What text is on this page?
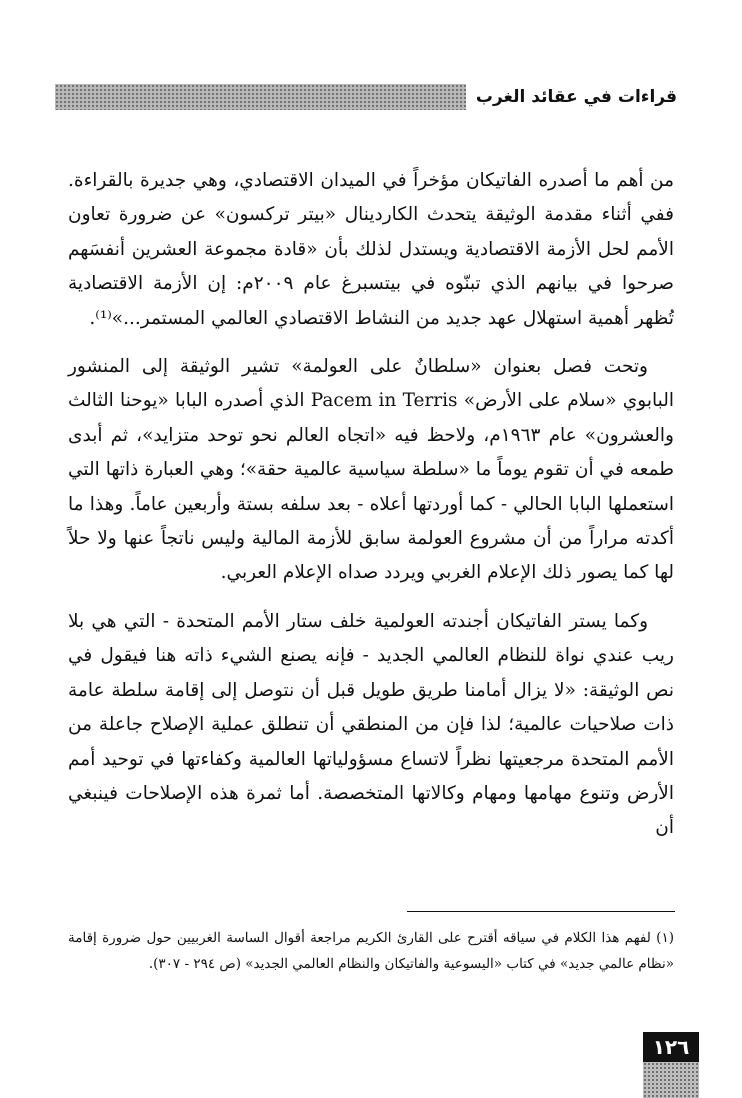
قراءات في عقائد الغرب

من أهم ما أصدره الفاتيكان مؤخراً في الميدان الاقتصادي، وهي جديرة بالقراءة. ففي أثناء مقدمة الوثيقة يتحدث الكاردينال «بيتر تركسون» عن ضرورة تعاون الأمم لحل الأزمة الاقتصادية ويستدل لذلك بأن «قادة مجموعة العشرين أنفسَهم صرحوا في بيانهم الذي تبنّوه في بيتسبرغ عام ٢٠٠٩م: إن الأزمة الاقتصادية تُظهر أهمية استهلال عهد جديد من النشاط الاقتصادي العالمي المستمر...»⁽¹⁾.

وتحت فصل بعنوان «سلطانٌ على العولمة» تشير الوثيقة إلى المنشور البابوي «سلام على الأرض» Pacem in Terris الذي أصدره البابا «يوحنا الثالث والعشرون» عام ١٩٦٣م، ولاحظ فيه «اتجاه العالم نحو توحد متزايد»، ثم أبدى طمعه في أن تقوم يوماً ما «سلطة سياسية عالمية حقة»؛ وهي العبارة ذاتها التي استعملها البابا الحالي - كما أوردتها أعلاه - بعد سلفه بستة وأربعين عاماً. وهذا ما أكدته مراراً من أن مشروع العولمة سابق للأزمة المالية وليس ناتجاً عنها ولا حلاً لها كما يصور ذلك الإعلام الغربي ويردد صداه الإعلام العربي.

وكما يستر الفاتيكان أجندته العولمية خلف ستار الأمم المتحدة - التي هي بلا ريب عندي نواة للنظام العالمي الجديد - فإنه يصنع الشيء ذاته هنا فيقول في نص الوثيقة: «لا يزال أمامنا طريق طويل قبل أن نتوصل إلى إقامة سلطة عامة ذات صلاحيات عالمية؛ لذا فإن من المنطقي أن تنطلق عملية الإصلاح جاعلة من الأمم المتحدة مرجعيتها نظراً لاتساع مسؤولياتها العالمية وكفاءتها في توحيد أمم الأرض وتنوع مهامها ومهام وكالاتها المتخصصة. أما ثمرة هذه الإصلاحات فينبغي أن

(١) لفهم هذا الكلام في سياقه أقترح على القارئ الكريم مراجعة أقوال الساسة الغربيين حول ضرورة إقامة «نظام عالمي جديد» في كتاب «اليسوعية والفاتيكان والنظام العالمي الجديد» (ص ٢٩٤ - ٣٠٧).

١٢٦
